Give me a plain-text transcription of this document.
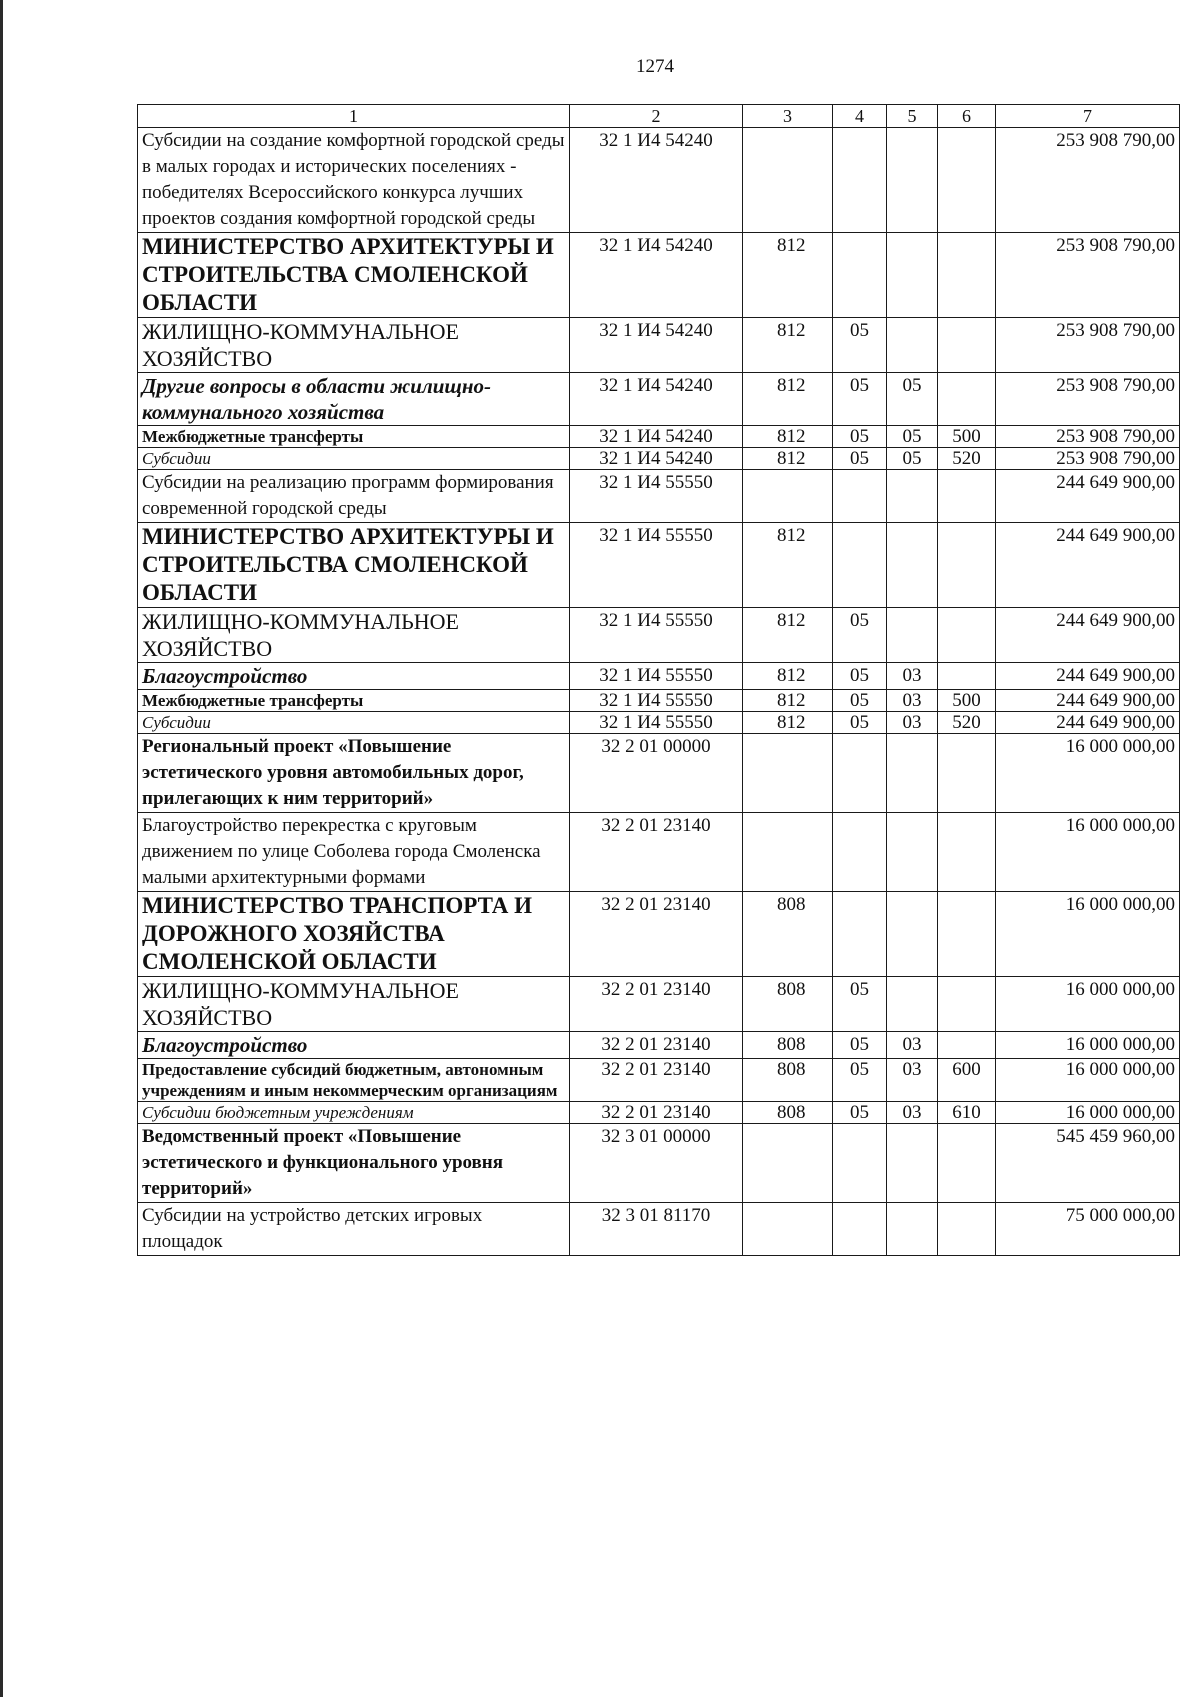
1274
1	2	3	4	5	6	7
Субсидии на создание комфортной городской среды в малых городах и исторических поселениях - победителях Всероссийского конкурса лучших проектов создания комфортной городской среды	32 1 И4 54240					253 908 790,00
МИНИСТЕРСТВО АРХИТЕКТУРЫ И СТРОИТЕЛЬСТВА СМОЛЕНСКОЙ ОБЛАСТИ	32 1 И4 54240	812				253 908 790,00
ЖИЛИЩНО-КОММУНАЛЬНОЕ ХОЗЯЙСТВО	32 1 И4 54240	812	05			253 908 790,00
Другие вопросы в области жилищно-коммунального хозяйства	32 1 И4 54240	812	05	05		253 908 790,00
Межбюджетные трансферты	32 1 И4 54240	812	05	05	500	253 908 790,00
Субсидии	32 1 И4 54240	812	05	05	520	253 908 790,00
Субсидии на реализацию программ формирования современной городской среды	32 1 И4 55550					244 649 900,00
МИНИСТЕРСТВО АРХИТЕКТУРЫ И СТРОИТЕЛЬСТВА СМОЛЕНСКОЙ ОБЛАСТИ	32 1 И4 55550	812				244 649 900,00
ЖИЛИЩНО-КОММУНАЛЬНОЕ ХОЗЯЙСТВО	32 1 И4 55550	812	05			244 649 900,00
Благоустройство	32 1 И4 55550	812	05	03		244 649 900,00
Межбюджетные трансферты	32 1 И4 55550	812	05	03	500	244 649 900,00
Субсидии	32 1 И4 55550	812	05	03	520	244 649 900,00
Региональный проект «Повышение эстетического уровня автомобильных дорог, прилегающих к ним территорий»	32 2 01 00000					16 000 000,00
Благоустройство перекрестка с круговым движением по улице Соболева города Смоленска малыми архитектурными формами	32 2 01 23140					16 000 000,00
МИНИСТЕРСТВО ТРАНСПОРТА И ДОРОЖНОГО ХОЗЯЙСТВА СМОЛЕНСКОЙ ОБЛАСТИ	32 2 01 23140	808				16 000 000,00
ЖИЛИЩНО-КОММУНАЛЬНОЕ ХОЗЯЙСТВО	32 2 01 23140	808	05			16 000 000,00
Благоустройство	32 2 01 23140	808	05	03		16 000 000,00
Предоставление субсидий бюджетным, автономным учреждениям и иным некоммерческим организациям	32 2 01 23140	808	05	03	600	16 000 000,00
Субсидии бюджетным учреждениям	32 2 01 23140	808	05	03	610	16 000 000,00
Ведомственный проект «Повышение эстетического и функционального уровня территорий»	32 3 01 00000					545 459 960,00
Субсидии на устройство детских игровых площадок	32 3 01 81170					75 000 000,00
